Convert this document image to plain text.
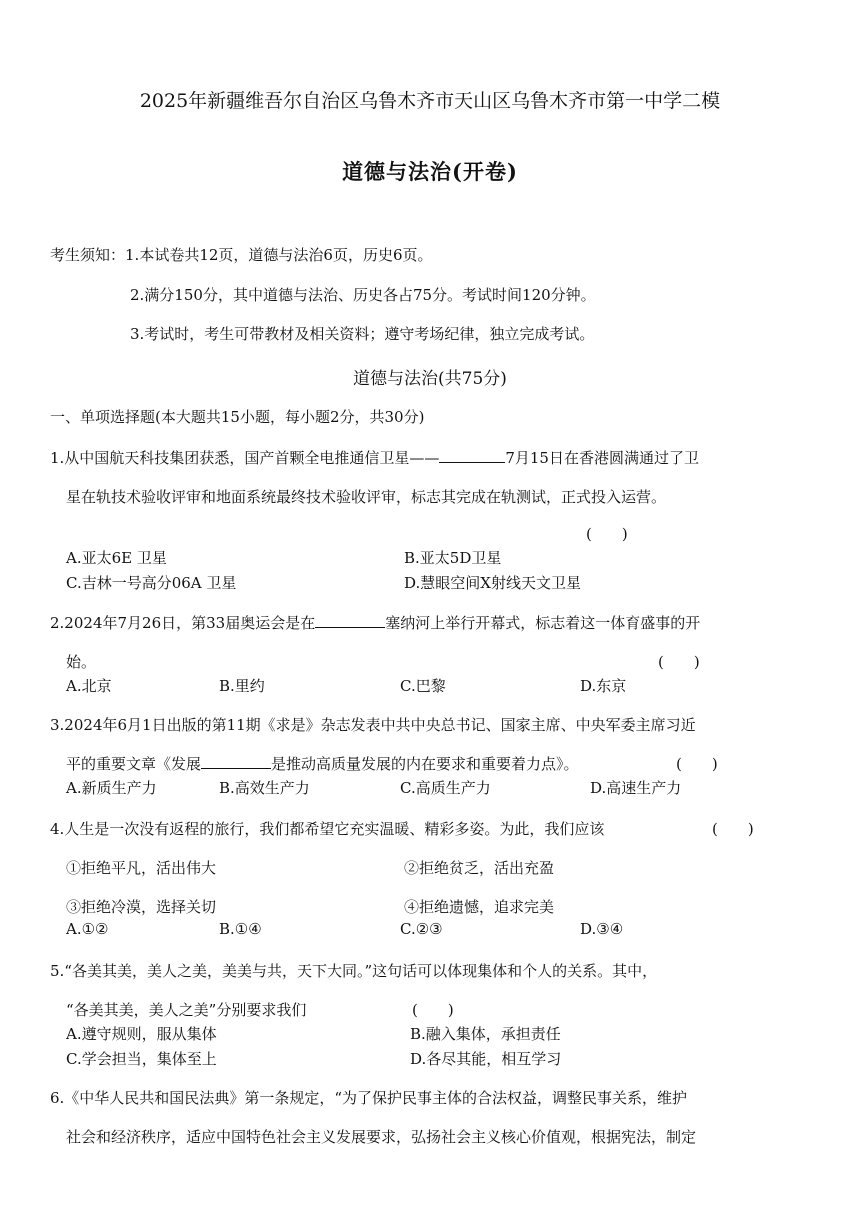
2025年新疆维吾尔自治区乌鲁木齐市天山区乌鲁木齐市第一中学二模
道德与法治(开卷)
考生须知：1.本试卷共12页，道德与法治6页，历史6页。
2.满分150分，其中道德与法治、历史各占75分。考试时间120分钟。
3.考试时，考生可带教材及相关资料；遵守考场纪律，独立完成考试。
道德与法治(共75分)
一、单项选择题(本大题共15小题，每小题2分，共30分)
1.从中国航天科技集团获悉，国产首颗全电推通信卫星——	7月15日在香港圆满通过了卫
星在轨技术验收评审和地面系统最终技术验收评审，标志其完成在轨测试，正式投入运营。
(　　)
A.亚太6E 卫星	B.亚太5D卫星
C.吉林一号高分06A 卫星	D.慧眼空间X射线天文卫星
2.2024年7月26日，第33届奥运会是在	塞纳河上举行开幕式，标志着这一体育盛事的开
始。	(　　)
A.北京	B.里约	C.巴黎	D.东京
3.2024年6月1日出版的第11期《求是》杂志发表中共中央总书记、国家主席、中央军委主席习近
平的重要文章《发展	是推动高质量发展的内在要求和重要着力点》。	(　　)
A.新质生产力	B.高效生产力	C.高质生产力	D.高速生产力
4.人生是一次没有返程的旅行，我们都希望它充实温暖、精彩多姿。为此，我们应该	(　　)
①拒绝平凡，活出伟大	②拒绝贫乏，活出充盈
③拒绝冷漠，选择关切	④拒绝遗憾，追求完美
A.①②	B.①④	C.②③	D.③④
5.“各美其美，美人之美，美美与共，天下大同。”这句话可以体现集体和个人的关系。其中，
“各美其美，美人之美”分别要求我们	(　　)
A.遵守规则，服从集体	B.融入集体，承担责任
C.学会担当，集体至上	D.各尽其能，相互学习
6.《中华人民共和国民法典》第一条规定，“为了保护民事主体的合法权益，调整民事关系，维护
社会和经济秩序，适应中国特色社会主义发展要求，弘扬社会主义核心价值观，根据宪法，制定
